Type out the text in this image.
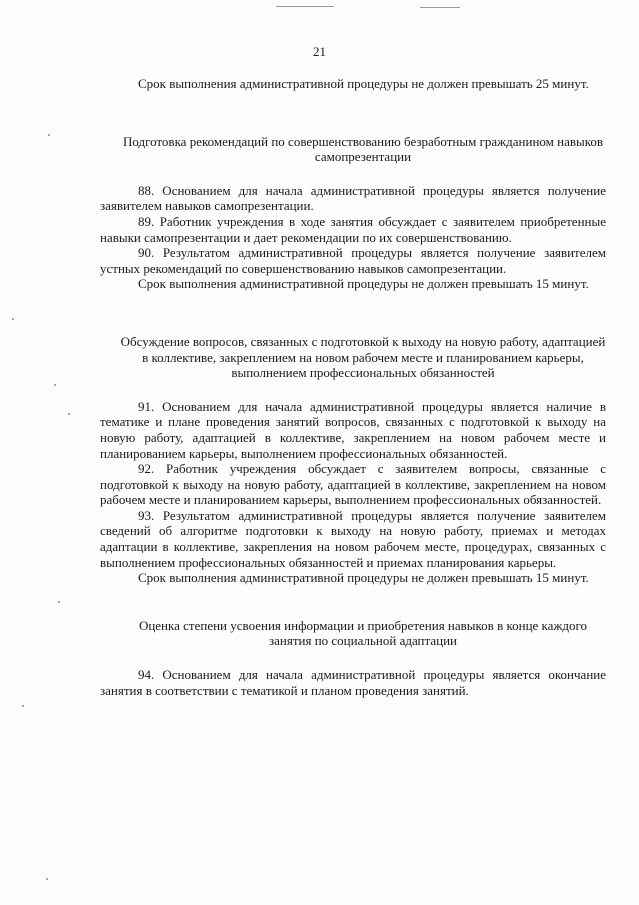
21

Срок выполнения административной процедуры не должен превышать 25 минут.

Подготовка рекомендаций по совершенствованию безработным гражданином навыков самопрезентации

88. Основанием для начала административной процедуры является получение заявителем навыков самопрезентации.

89. Работник учреждения в ходе занятия обсуждает с заявителем приобретенные навыки самопрезентации и дает рекомендации по их совершенствованию.

90. Результатом административной процедуры является получение заявителем устных рекомендаций по совершенствованию навыков самопрезентации.

Срок выполнения административной процедуры не должен превышать 15 минут.

Обсуждение вопросов, связанных с подготовкой к выходу на новую работу, адаптацией в коллективе, закреплением на новом рабочем месте и планированием карьеры, выполнением профессиональных обязанностей

91. Основанием для начала административной процедуры является наличие в тематике и плане проведения занятий вопросов, связанных с подготовкой к выходу на новую работу, адаптацией в коллективе, закреплением на новом рабочем месте и планированием карьеры, выполнением профессиональных обязанностей.

92. Работник учреждения обсуждает с заявителем вопросы, связанные с подготовкой к выходу на новую работу, адаптацией в коллективе, закреплением на новом рабочем месте и планированием карьеры, выполнением профессиональных обязанностей.

93. Результатом административной процедуры является получение заявителем сведений об алгоритме подготовки к выходу на новую работу, приемах и методах адаптации в коллективе, закрепления на новом рабочем месте, процедурах, связанных с выполнением профессиональных обязанностей и приемах планирования карьеры.

Срок выполнения административной процедуры не должен превышать 15 минут.

Оценка степени усвоения информации и приобретения навыков в конце каждого занятия по социальной адаптации

94. Основанием для начала административной процедуры является окончание занятия в соответствии с тематикой и планом проведения занятий.
